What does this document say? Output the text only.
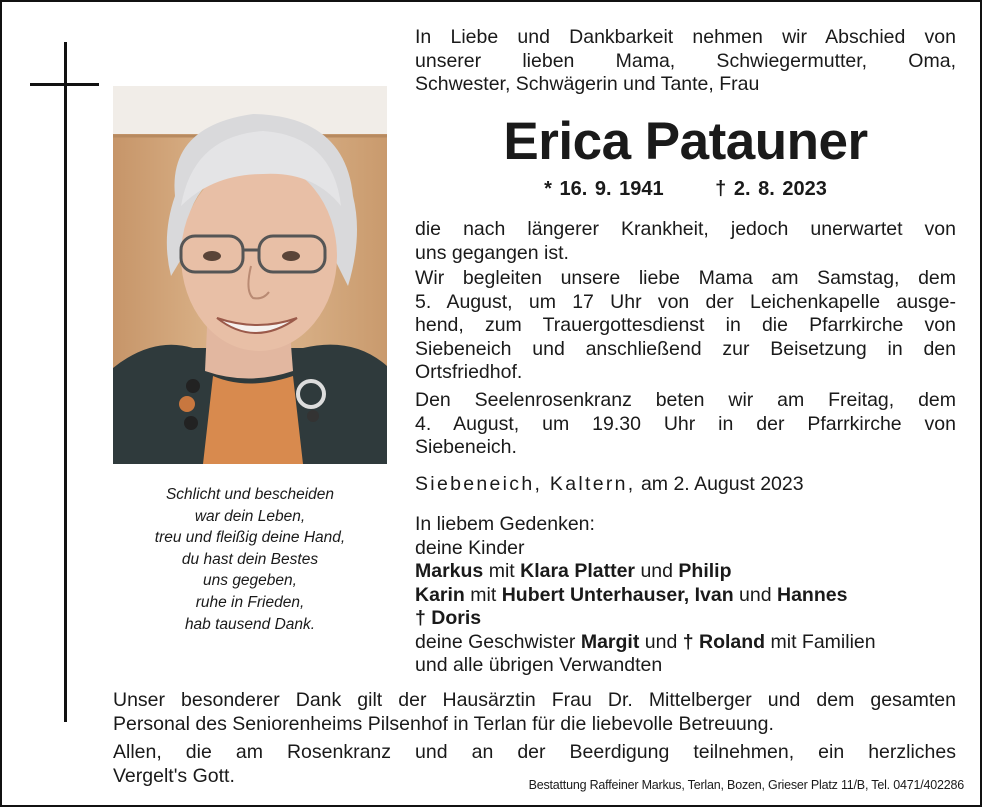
Schlicht und bescheiden
war dein Leben,
treu und fleißig deine Hand,
du hast dein Bestes
uns gegeben,
ruhe in Frieden,
hab tausend Dank.
In Liebe und Dankbarkeit nehmen wir Abschied von
unserer lieben Mama, Schwiegermutter, Oma,
Schwester, Schwägerin und Tante, Frau
Erica Patauner
* 16. 9. 1941	† 2. 8. 2023
die nach längerer Krankheit, jedoch unerwartet von
uns gegangen ist.
Wir begleiten unsere liebe Mama am Samstag, dem
5. August, um 17 Uhr von der Leichenkapelle ausge-
hend, zum Trauergottesdienst in die Pfarrkirche von
Siebeneich und anschließend zur Beisetzung in den
Ortsfriedhof.
Den Seelenrosenkranz beten wir am Freitag, dem
4. August, um 19.30 Uhr in der Pfarrkirche von
Siebeneich.
Siebeneich, Kaltern, am 2. August 2023
In liebem Gedenken:
deine Kinder
Markus mit Klara Platter und Philip
Karin mit Hubert Unterhauser, Ivan und Hannes
† Doris
deine Geschwister Margit und † Roland mit Familien
und alle übrigen Verwandten
Unser besonderer Dank gilt der Hausärztin Frau Dr. Mittelberger und dem gesamten
Personal des Seniorenheims Pilsenhof in Terlan für die liebevolle Betreuung.
Allen, die am Rosenkranz und an der Beerdigung teilnehmen, ein herzliches
Vergelt's Gott.	Bestattung Raffeiner Markus, Terlan, Bozen, Grieser Platz 11/B, Tel. 0471/402286
